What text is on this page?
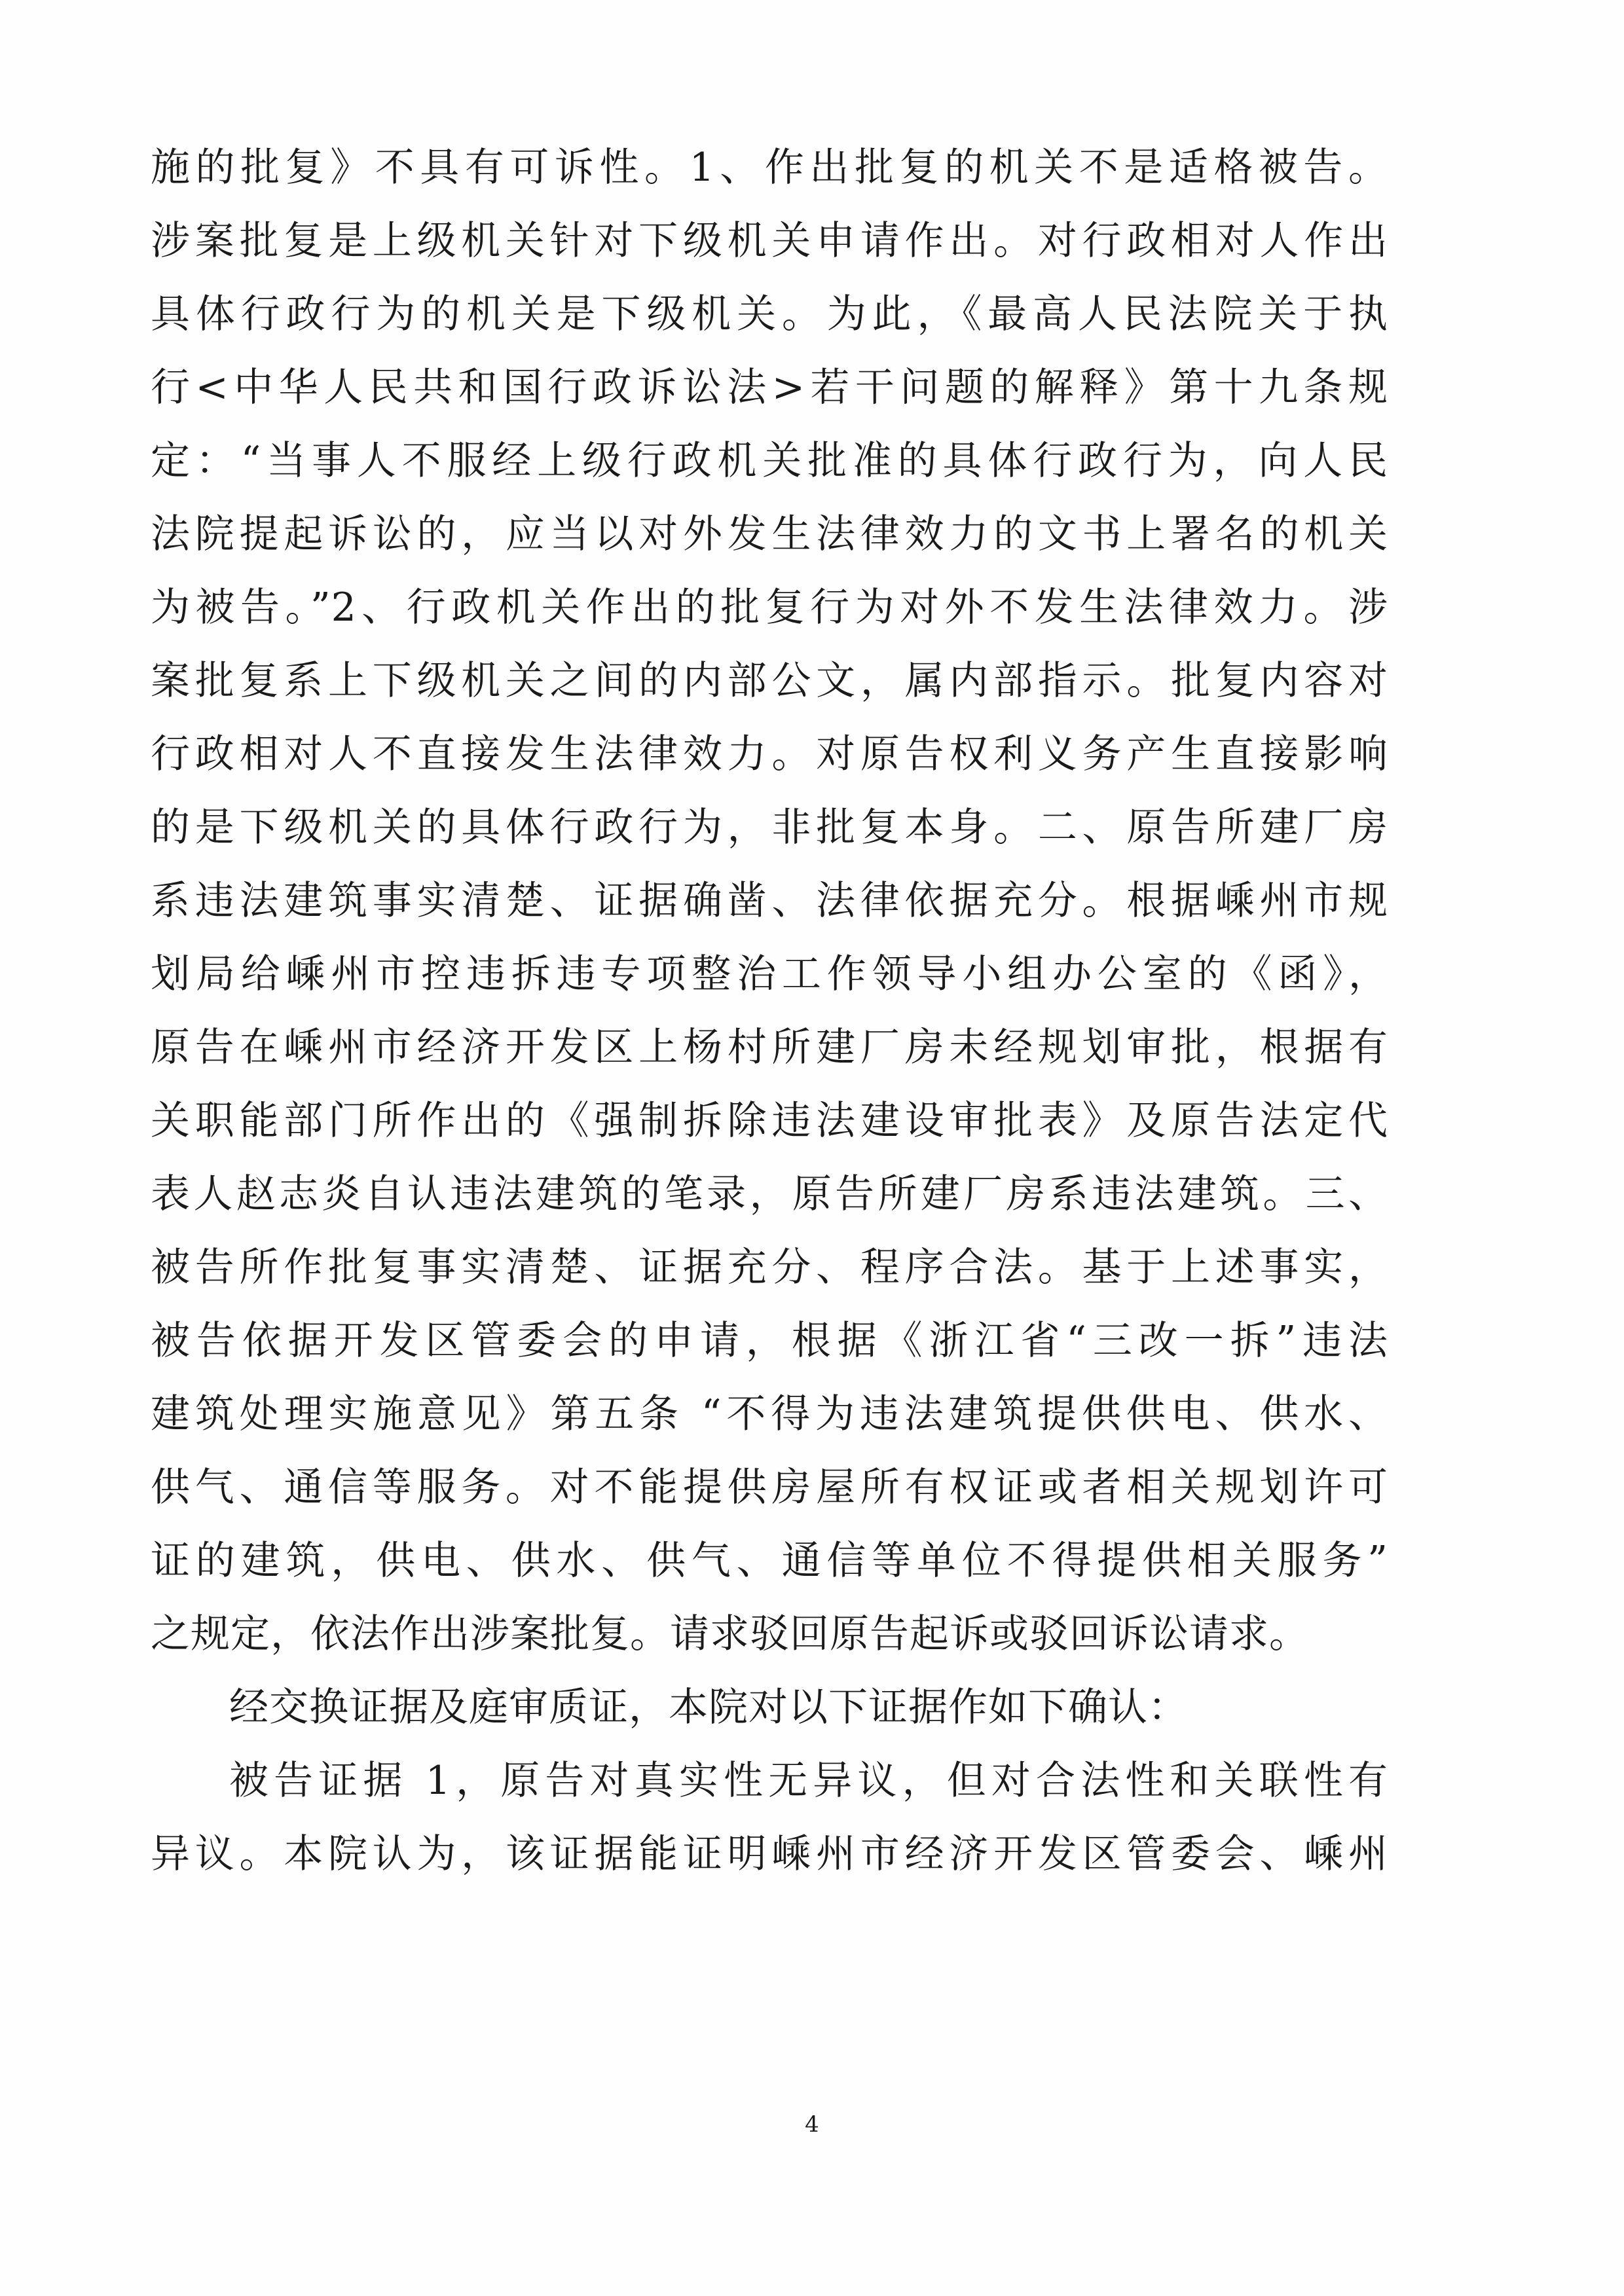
施的批复》不具有可诉性。1、作出批复的机关不是适格被告。
涉案批复是上级机关针对下级机关申请作出。对行政相对人作出
具体行政行为的机关是下级机关。为此，《最高人民法院关于执
行<中华人民共和国行政诉讼法>若干问题的解释》第十九条规
定：“当事人不服经上级行政机关批准的具体行政行为，向人民
法院提起诉讼的，应当以对外发生法律效力的文书上署名的机关
为被告。”2、行政机关作出的批复行为对外不发生法律效力。涉
案批复系上下级机关之间的内部公文，属内部指示。批复内容对
行政相对人不直接发生法律效力。对原告权利义务产生直接影响
的是下级机关的具体行政行为，非批复本身。二、原告所建厂房
系违法建筑事实清楚、证据确凿、法律依据充分。根据嵊州市规
划局给嵊州市控违拆违专项整治工作领导小组办公室的《函》，
原告在嵊州市经济开发区上杨村所建厂房未经规划审批，根据有
关职能部门所作出的《强制拆除违法建设审批表》及原告法定代
表人赵志炎自认违法建筑的笔录，原告所建厂房系违法建筑。三、
被告所作批复事实清楚、证据充分、程序合法。基于上述事实，
被告依据开发区管委会的申请，根据《浙江省“三改一拆”违法
建筑处理实施意见》第五条 “不得为违法建筑提供供电、供水、
供气、通信等服务。对不能提供房屋所有权证或者相关规划许可
证的建筑，供电、供水、供气、通信等单位不得提供相关服务”
之规定，依法作出涉案批复。请求驳回原告起诉或驳回诉讼请求。
经交换证据及庭审质证，本院对以下证据作如下确认：
被告证据 1，原告对真实性无异议，但对合法性和关联性有
异议。本院认为，该证据能证明嵊州市经济开发区管委会、嵊州
4
